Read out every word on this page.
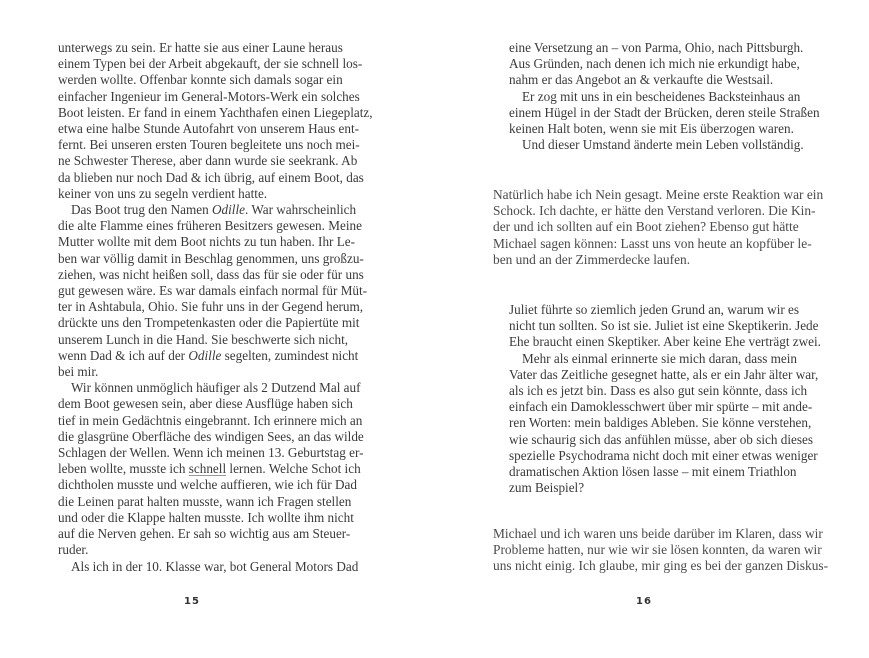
unterwegs zu sein. Er hatte sie aus einer Laune heraus
einem Typen bei der Arbeit abgekauft, der sie schnell los-
werden wollte. Offenbar konnte sich damals sogar ein
einfacher Ingenieur im General-Motors-Werk ein solches
Boot leisten. Er fand in einem Yachthafen einen Liegeplatz,
etwa eine halbe Stunde Autofahrt von unserem Haus ent-
fernt. Bei unseren ersten Touren begleitete uns noch mei-
ne Schwester Therese, aber dann wurde sie seekrank. Ab
da blieben nur noch Dad & ich übrig, auf einem Boot, das
keiner von uns zu segeln verdient hatte.
Das Boot trug den Namen Odille. War wahrscheinlich
die alte Flamme eines früheren Besitzers gewesen. Meine
Mutter wollte mit dem Boot nichts zu tun haben. Ihr Le-
ben war völlig damit in Beschlag genommen, uns großzu-
ziehen, was nicht heißen soll, dass das für sie oder für uns
gut gewesen wäre. Es war damals einfach normal für Müt-
ter in Ashtabula, Ohio. Sie fuhr uns in der Gegend herum,
drückte uns den Trompetenkasten oder die Papiertüte mit
unserem Lunch in die Hand. Sie beschwerte sich nicht,
wenn Dad & ich auf der Odille segelten, zumindest nicht
bei mir.
Wir können unmöglich häufiger als 2 Dutzend Mal auf
dem Boot gewesen sein, aber diese Ausflüge haben sich
tief in mein Gedächtnis eingebrannt. Ich erinnere mich an
die glasgrüne Oberfläche des windigen Sees, an das wilde
Schlagen der Wellen. Wenn ich meinen 13. Geburtstag er-
leben wollte, musste ich schnell lernen. Welche Schot ich
dichtholen musste und welche auffieren, wie ich für Dad
die Leinen parat halten musste, wann ich Fragen stellen
und oder die Klappe halten musste. Ich wollte ihm nicht
auf die Nerven gehen. Er sah so wichtig aus am Steuer-
ruder.
Als ich in der 10. Klasse war, bot General Motors Dad
15
eine Versetzung an – von Parma, Ohio, nach Pittsburgh.
Aus Gründen, nach denen ich mich nie erkundigt habe,
nahm er das Angebot an & verkaufte die Westsail.
Er zog mit uns in ein bescheidenes Backsteinhaus an
einem Hügel in der Stadt der Brücken, deren steile Straßen
keinen Halt boten, wenn sie mit Eis überzogen waren.
Und dieser Umstand änderte mein Leben vollständig.
Natürlich habe ich Nein gesagt. Meine erste Reaktion war ein
Schock. Ich dachte, er hätte den Verstand verloren. Die Kin-
der und ich sollten auf ein Boot ziehen? Ebenso gut hätte
Michael sagen können: Lasst uns von heute an kopfüber le-
ben und an der Zimmerdecke laufen.
Juliet führte so ziemlich jeden Grund an, warum wir es
nicht tun sollten. So ist sie. Juliet ist eine Skeptikerin. Jede
Ehe braucht einen Skeptiker. Aber keine Ehe verträgt zwei.
Mehr als einmal erinnerte sie mich daran, dass mein
Vater das Zeitliche gesegnet hatte, als er ein Jahr älter war,
als ich es jetzt bin. Dass es also gut sein könnte, dass ich
einfach ein Damoklesschwert über mir spürte – mit ande-
ren Worten: mein baldiges Ableben. Sie könne verstehen,
wie schaurig sich das anfühlen müsse, aber ob sich dieses
spezielle Psychodrama nicht doch mit einer etwas weniger
dramatischen Aktion lösen lasse – mit einem Triathlon
zum Beispiel?
Michael und ich waren uns beide darüber im Klaren, dass wir
Probleme hatten, nur wie wir sie lösen konnten, da waren wir
uns nicht einig. Ich glaube, mir ging es bei der ganzen Diskus-
16
